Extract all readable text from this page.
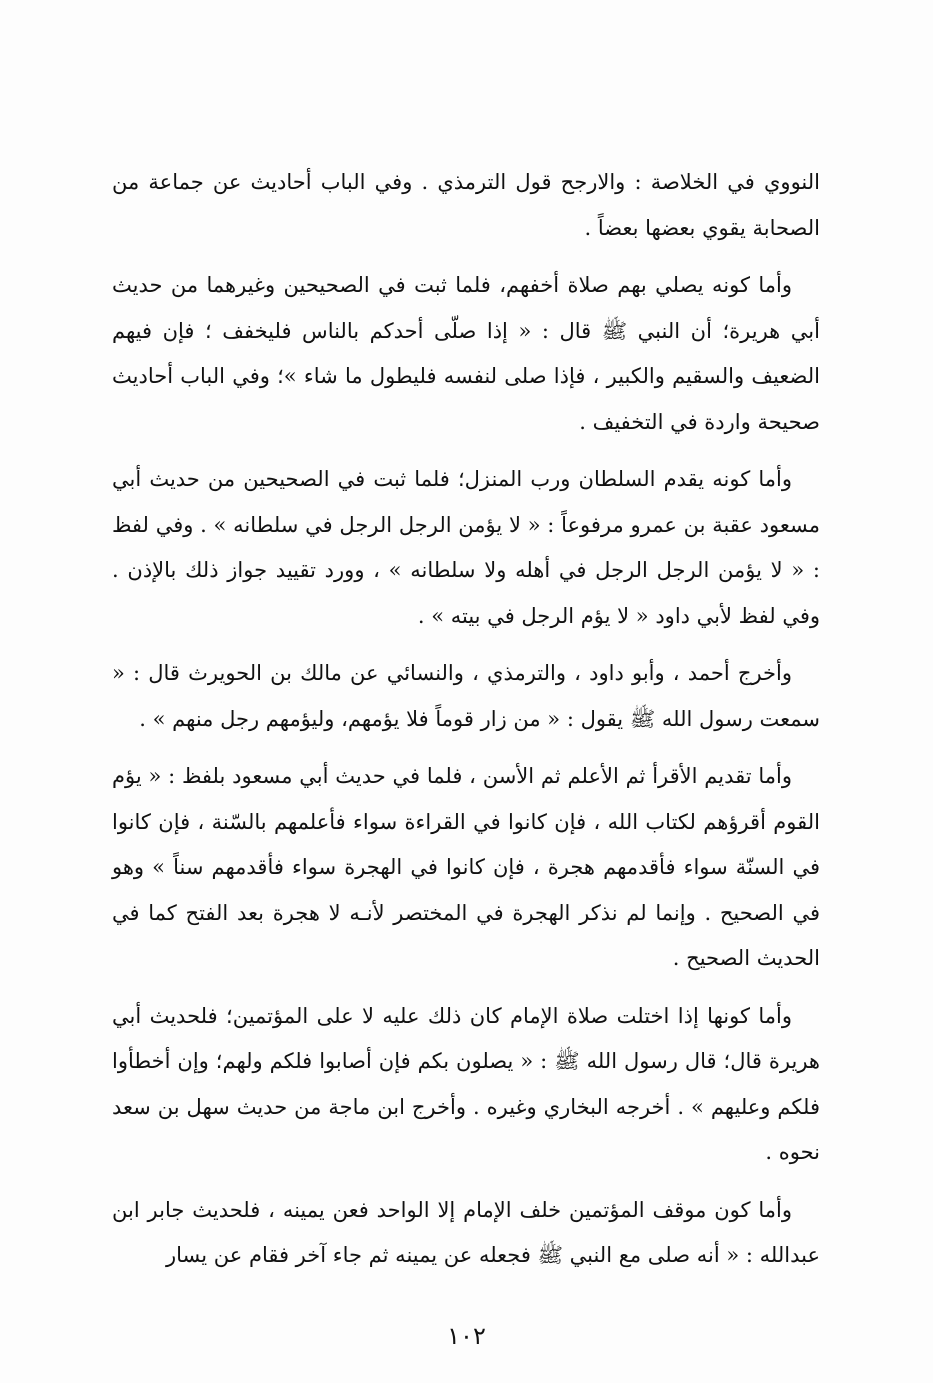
النووي في الخلاصة : والارجح قول الترمذي . وفي الباب أحاديث عن جماعة من الصحابة يقوي بعضها بعضاً .

وأما كونه يصلي بهم صلاة أخفهم، فلما ثبت في الصحيحين وغيرهما من حديث أبي هريرة؛ أن النبي ﷺ قال : « إذا صلّى أحدكم بالناس فليخفف ؛ فإن فيهم الضعيف والسقيم والكبير ، فإذا صلى لنفسه فليطول ما شاء »؛ وفي الباب أحاديث صحيحة واردة في التخفيف .

وأما كونه يقدم السلطان ورب المنزل؛ فلما ثبت في الصحيحين من حديث أبي مسعود عقبة بن عمرو مرفوعاً : « لا يؤمن الرجل الرجل في سلطانه » . وفي لفظ : « لا يؤمن الرجل الرجل في أهله ولا سلطانه » ، وورد تقييد جواز ذلك بالإذن . وفي لفظ لأبي داود « لا يؤم الرجل في بيته » .

وأخرج أحمد ، وأبو داود ، والترمذي ، والنسائي عن مالك بن الحويرث قال : « سمعت رسول الله ﷺ يقول : « من زار قوماً فلا يؤمهم، وليؤمهم رجل منهم » .

وأما تقديم الأقرأ ثم الأعلم ثم الأسن ، فلما في حديث أبي مسعود بلفظ : « يؤم القوم أقرؤهم لكتاب الله ، فإن كانوا في القراءة سواء فأعلمهم بالسّنة ، فإن كانوا في السنّة سواء فأقدمهم هجرة ، فإن كانوا في الهجرة سواء فأقدمهم سناً » وهو في الصحيح . وإنما لم نذكر الهجرة في المختصر لأنـه لا هجرة بعد الفتح كما في الحديث الصحيح .

وأما كونها إذا اختلت صلاة الإمام كان ذلك عليه لا على المؤتمين؛ فلحديث أبي هريرة قال؛ قال رسول الله ﷺ : « يصلون بكم فإن أصابوا فلكم ولهم؛ وإن أخطأوا فلكم وعليهم » . أخرجه البخاري وغيره . وأخرج ابن ماجة من حديث سهل بن سعد نحوه .

وأما كون موقف المؤتمين خلف الإمام إلا الواحد فعن يمينه ، فلحديث جابر ابن عبدالله : « أنه صلى مع النبي ﷺ فجعله عن يمينه ثم جاء آخر فقام عن يسار

١٠٢
